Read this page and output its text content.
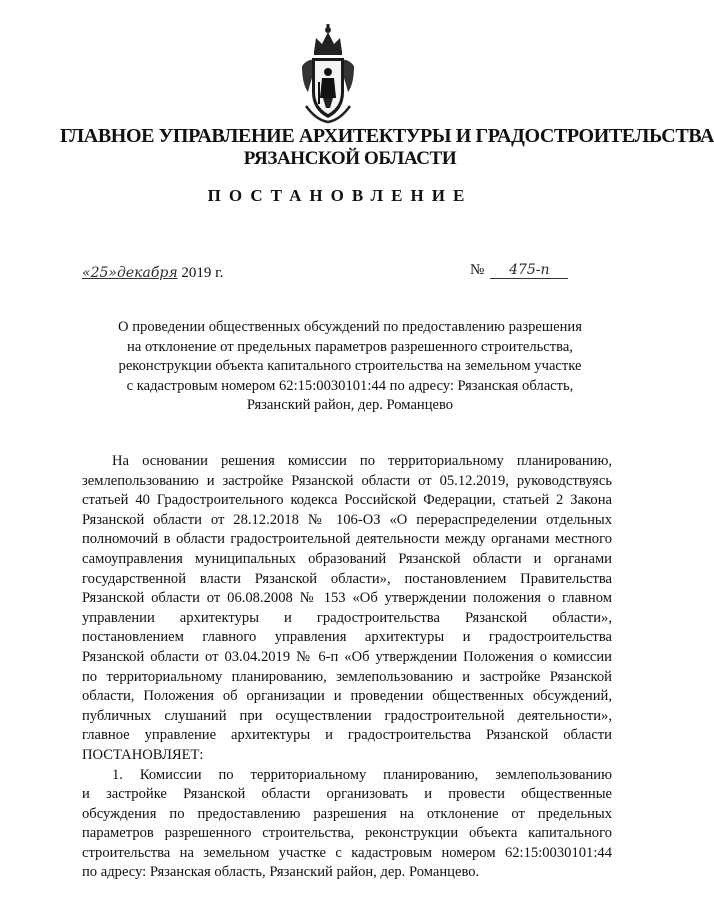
ГЛАВНОЕ УПРАВЛЕНИЕ АРХИТЕКТУРЫ И ГРАДОСТРОИТЕЛЬСТВА
РЯЗАНСКОЙ ОБЛАСТИ
ПОСТАНОВЛЕНИЕ
«25»декабря 2019 г.	№ 475-п
О проведении общественных обсуждений по предоставлению разрешения
на отклонение от предельных параметров разрешенного строительства,
реконструкции объекта капитального строительства на земельном участке
с кадастровым номером 62:15:0030101:44 по адресу: Рязанская область,
Рязанский район, дер. Романцево
На основании решения комиссии по территориальному планированию,
землепользованию и застройке Рязанской области от 05.12.2019, руководствуясь
статьей 40 Градостроительного кодекса Российской Федерации, статьей 2 Закона
Рязанской области от 28.12.2018 № 106-ОЗ «О перераспределении отдельных
полномочий в области градостроительной деятельности между органами местного
самоуправления муниципальных образований Рязанской области и органами
государственной власти Рязанской области», постановлением Правительства
Рязанской области от 06.08.2008 № 153 «Об утверждении положения о главном
управлении архитектуры и градостроительства Рязанской области»,
постановлением главного управления архитектуры и градостроительства
Рязанской области от 03.04.2019 № 6-п «Об утверждении Положения о комиссии
по территориальному планированию, землепользованию и застройке Рязанской
области, Положения об организации и проведении общественных обсуждений,
публичных слушаний при осуществлении градостроительной деятельности»,
главное управление архитектуры и градостроительства Рязанской области
ПОСТАНОВЛЯЕТ:
1. Комиссии по территориальному планированию, землепользованию
и застройке Рязанской области организовать и провести общественные
обсуждения по предоставлению разрешения на отклонение от предельных
параметров разрешенного строительства, реконструкции объекта капитального
строительства на земельном участке с кадастровым номером 62:15:0030101:44
по адресу: Рязанская область, Рязанский район, дер. Романцево.
